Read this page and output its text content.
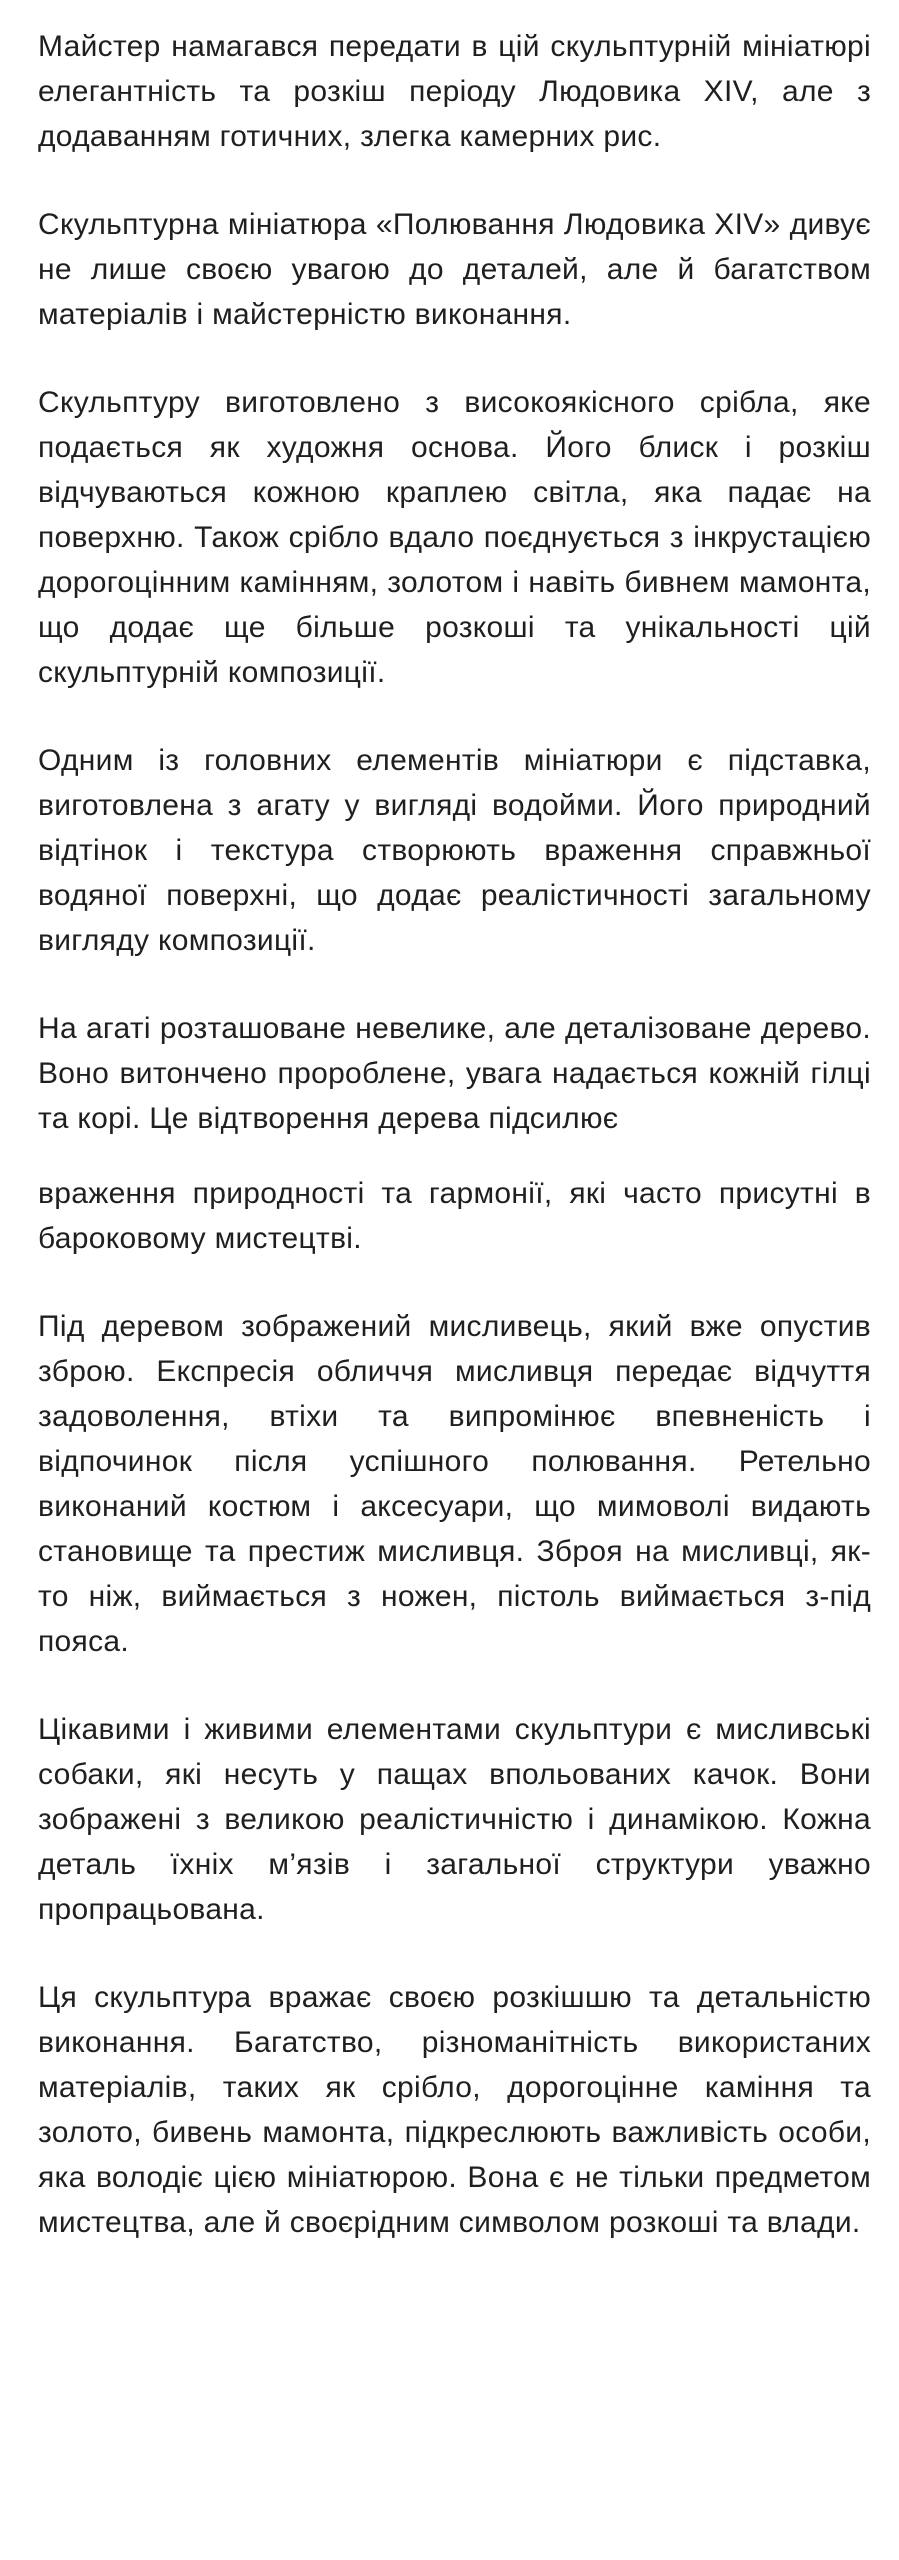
Майстер намагався передати в цій скульптурній мініатюрі елегантність та розкіш періоду Людовика XIV, але з додаванням готичних, злегка камерних рис.

Скульптурна мініатюра «Полювання Людовика XIV» дивує не лише своєю увагою до деталей, але й багатством матеріалів і майстерністю виконання.

Скульптуру виготовлено з високоякісного срібла, яке подається як художня основа. Його блиск і розкіш відчуваються кожною краплею світла, яка падає на поверхню. Також срібло вдало поєднується з інкрустацією дорогоцінним камінням, золотом і навіть бивнем мамонта, що додає ще більше розкоші та унікальності цій скульптурній композиції.

Одним із головних елементів мініатюри є підставка, виготовлена з агату у вигляді водойми. Його природний відтінок і текстура створюють враження справжньої водяної поверхні, що додає реалістичності загальному вигляду композиції.

На агаті розташоване невелике, але деталізоване дерево. Воно витончено пророблене, увага надається кожній гілці та корі. Це відтворення дерева підсилює

враження природності та гармонії, які часто присутні в бароковому мистецтві.

Під деревом зображений мисливець, який вже опустив зброю. Експресія обличчя мисливця передає відчуття задоволення, втіхи та випромінює впевненість і відпочинок після успішного полювання. Ретельно виконаний костюм і аксесуари, що мимоволі видають становище та престиж мисливця. Зброя на мисливці, як-то ніж, виймається з ножен, пістоль виймається з-під пояса.

Цікавими і живими елементами скульптури є мисливські собаки, які несуть у пащах впольованих качок. Вони зображені з великою реалістичністю і динамікою. Кожна деталь їхніх м’язів і загальної структури уважно пропрацьована.

Ця скульптура вражає своєю розкішшю та детальністю виконання. Багатство, різноманітність використаних матеріалів, таких як срібло, дорогоцінне каміння та золото, бивень мамонта, підкреслюють важливість особи, яка володіє цією мініатюрою. Вона є не тільки предметом мистецтва, але й своєрідним символом розкоші та влади.
